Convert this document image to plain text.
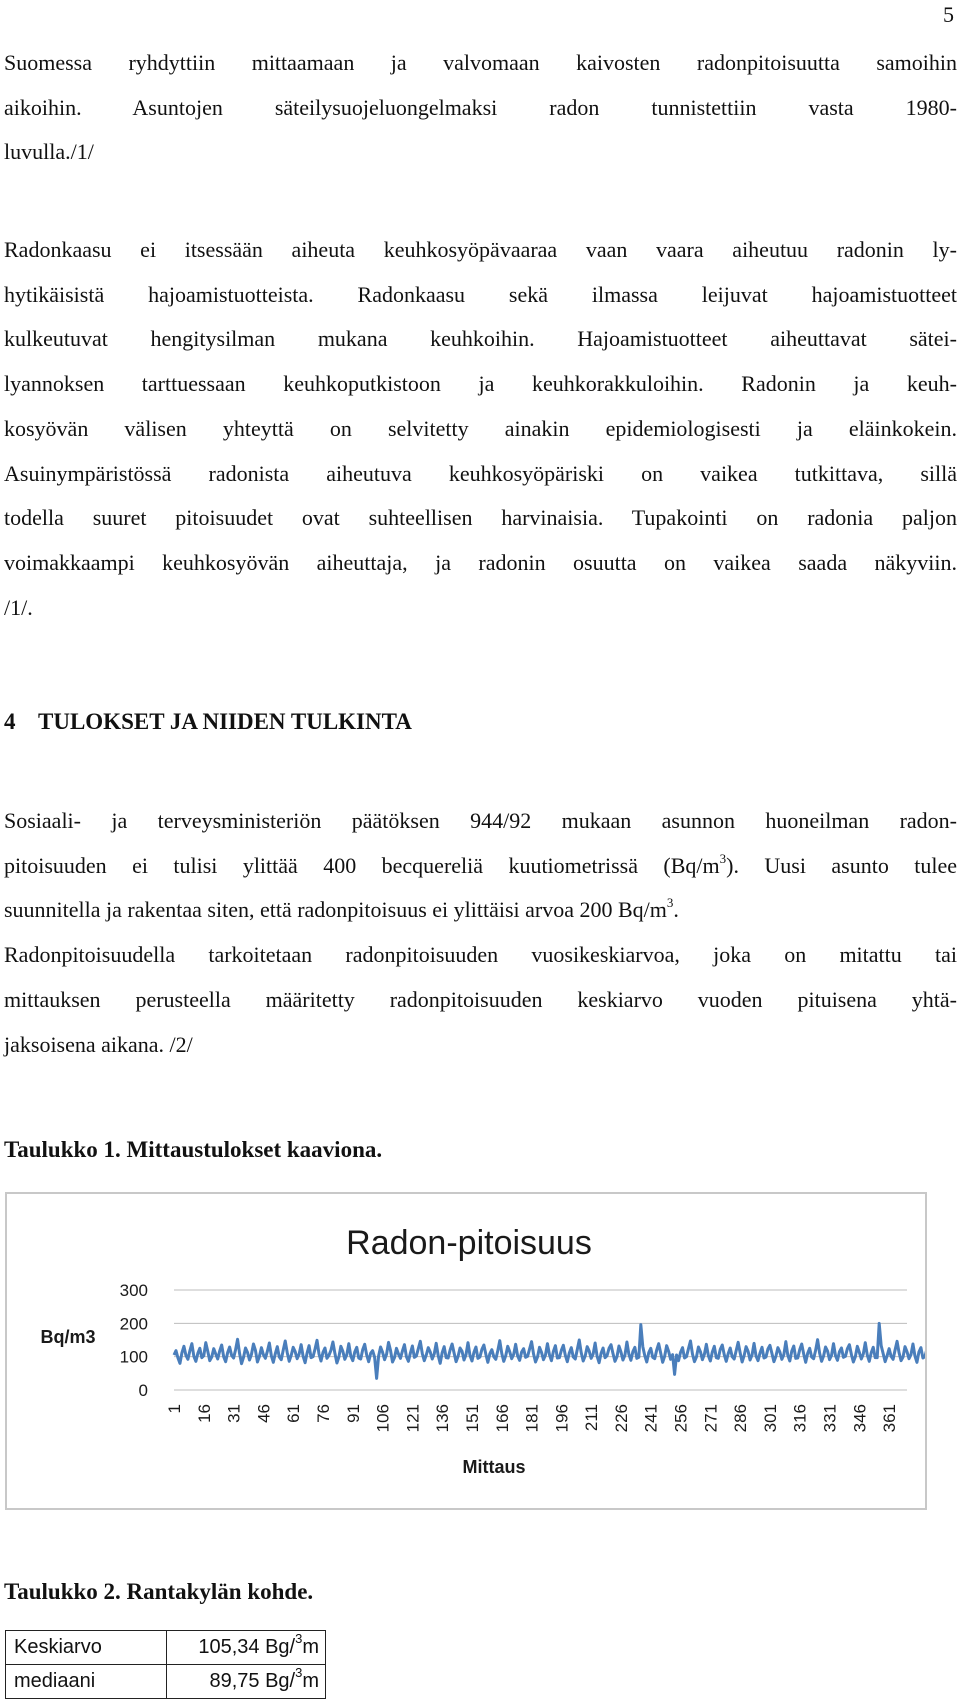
5
Suomessa ryhdyttiin mittaamaan ja valvomaan kaivosten radonpitoisuutta samoihin
aikoihin. Asuntojen säteilysuojeluongelmaksi radon tunnistettiin vasta 1980-
luvulla./1/
Radonkaasu ei itsessään aiheuta keuhkosyöpävaaraa vaan vaara aiheutuu radonin ly-
hytikäisistä hajoamistuotteista. Radonkaasu sekä ilmassa leijuvat hajoamistuotteet
kulkeutuvat hengitysilman mukana keuhkoihin. Hajoamistuotteet aiheuttavat sätei-
lyannoksen tarttuessaan keuhkoputkistoon ja keuhkorakkuloihin. Radonin ja keuh-
kosyövän välisen yhteyttä on selvitetty ainakin epidemiologisesti ja eläinkokein.
Asuinympäristössä radonista aiheutuva keuhkosyöpäriski on vaikea tutkittava, sillä
todella suuret pitoisuudet ovat suhteellisen harvinaisia. Tupakointi on radonia paljon
voimakkaampi keuhkosyövän aiheuttaja, ja radonin osuutta on vaikea saada näkyviin.
/1/.
4 TULOKSET JA NIIDEN TULKINTA
Sosiaali- ja terveysministeriön päätöksen 944/92 mukaan asunnon huoneilman radon-
pitoisuuden ei tulisi ylittää 400 becquereliä kuutiometrissä $(Bq/m^3)$. Uusi asunto tulee
suunnitella ja rakentaa siten, että radonpitoisuus ei ylittäisi arvoa 200 $Bq/m^3$.
Radonpitoisuudella tarkoitetaan radonpitoisuuden vuosikeskiarvoa, joka on mitattu tai
mittauksen perusteella määritetty radonpitoisuuden keskiarvo vuoden pituisena yhtä-
jaksoisena aikana. /2/

Taulukko 1. Mittaustulokset kaaviona.

Radon-pitoisuus
Bq/m3
Mittaus
0
100
200
300
1 16 31 46 61 76 91 106 121 136 151 166 181 196 211 226 241 256 271 286 301 316 331 346 361

Taulukko 2. Rantakylän kohde.

Keskiarvo	105,34 Bg/$^3$m
mediaani	89,75 Bg/$^3$m
